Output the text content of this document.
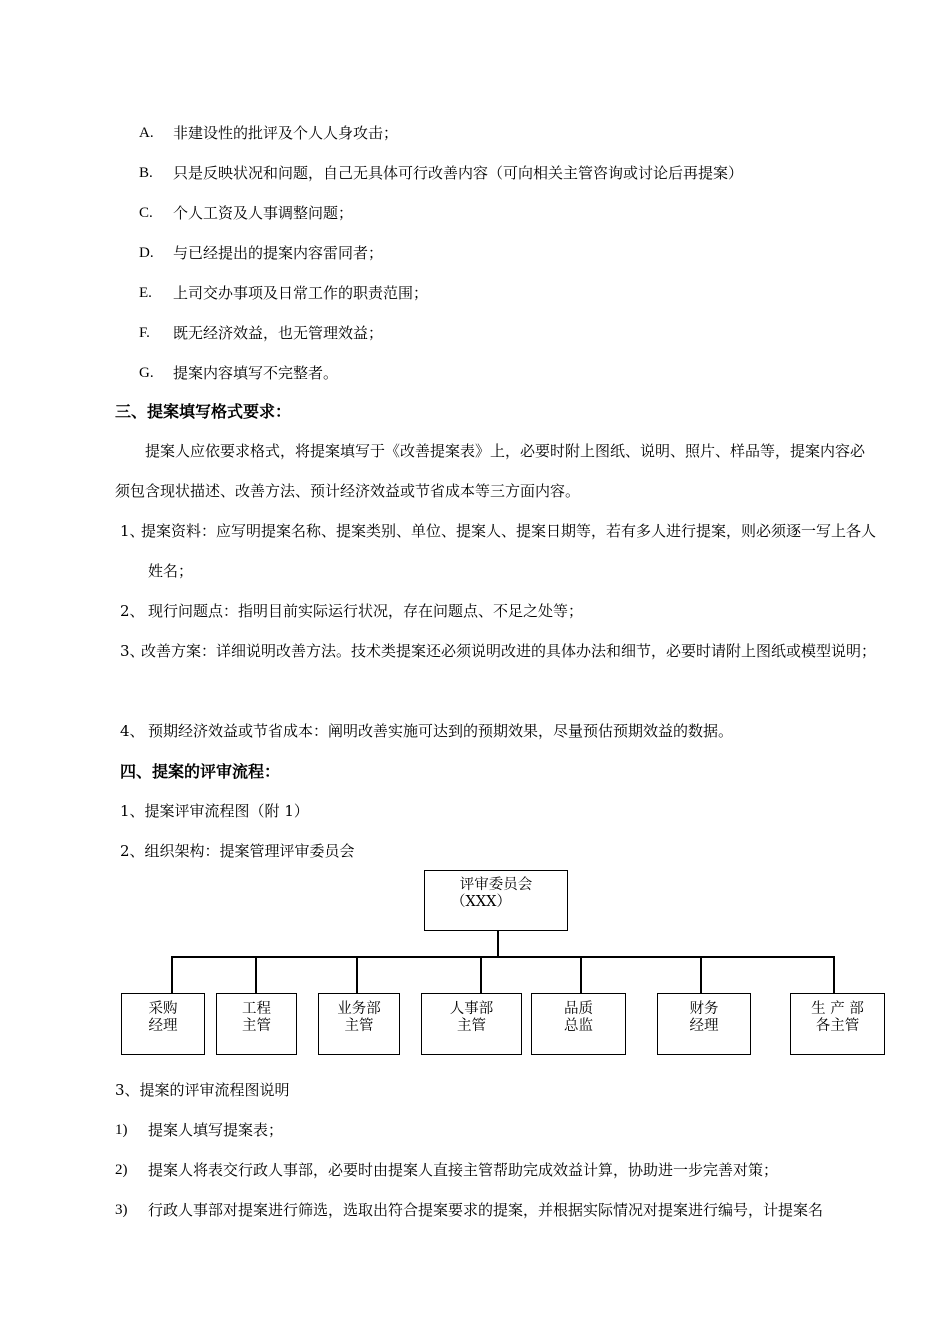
A. 非建设性的批评及个人人身攻击；
B. 只是反映状况和问题，自己无具体可行改善内容（可向相关主管咨询或讨论后再提案）
C. 个人工资及人事调整问题；
D. 与已经提出的提案内容雷同者；
E. 上司交办事项及日常工作的职责范围；
F. 既无经济效益，也无管理效益；
G. 提案内容填写不完整者。
三、提案填写格式要求：
提案人应依要求格式，将提案填写于《改善提案表》上，必要时附上图纸、说明、照片、样品等，提案内容必须包含现状描述、改善方法、预计经济效益或节省成本等三方面内容。
1、
提案资料：应写明提案名称、提案类别、单位、提案人、提案日期等，若有多人进行提案，则必须逐一写上各人姓名；
2、 现行问题点：指明目前实际运行状况，存在问题点、不足之处等；
3、
改善方案：详细说明改善方法。技术类提案还必须说明改进的具体办法和细节，必要时请附上图纸或模型说明；
4、 预期经济效益或节省成本：阐明改善实施可达到的预期效果，尽量预估预期效益的数据。
四、提案的评审流程：
1、提案评审流程图（附 1）
2、组织架构：提案管理评审委员会
评审委员会
（XXX）
采购
经理
工程
主管
业务部
主管
人事部
主管
品质
总监
财务
经理
生 产 部
各主管
3、提案的评审流程图说明
1) 提案人填写提案表；
2) 提案人将表交行政人事部，必要时由提案人直接主管帮助完成效益计算，协助进一步完善对策；
3) 行政人事部对提案进行筛选，选取出符合提案要求的提案，并根据实际情况对提案进行编号，计提案名
